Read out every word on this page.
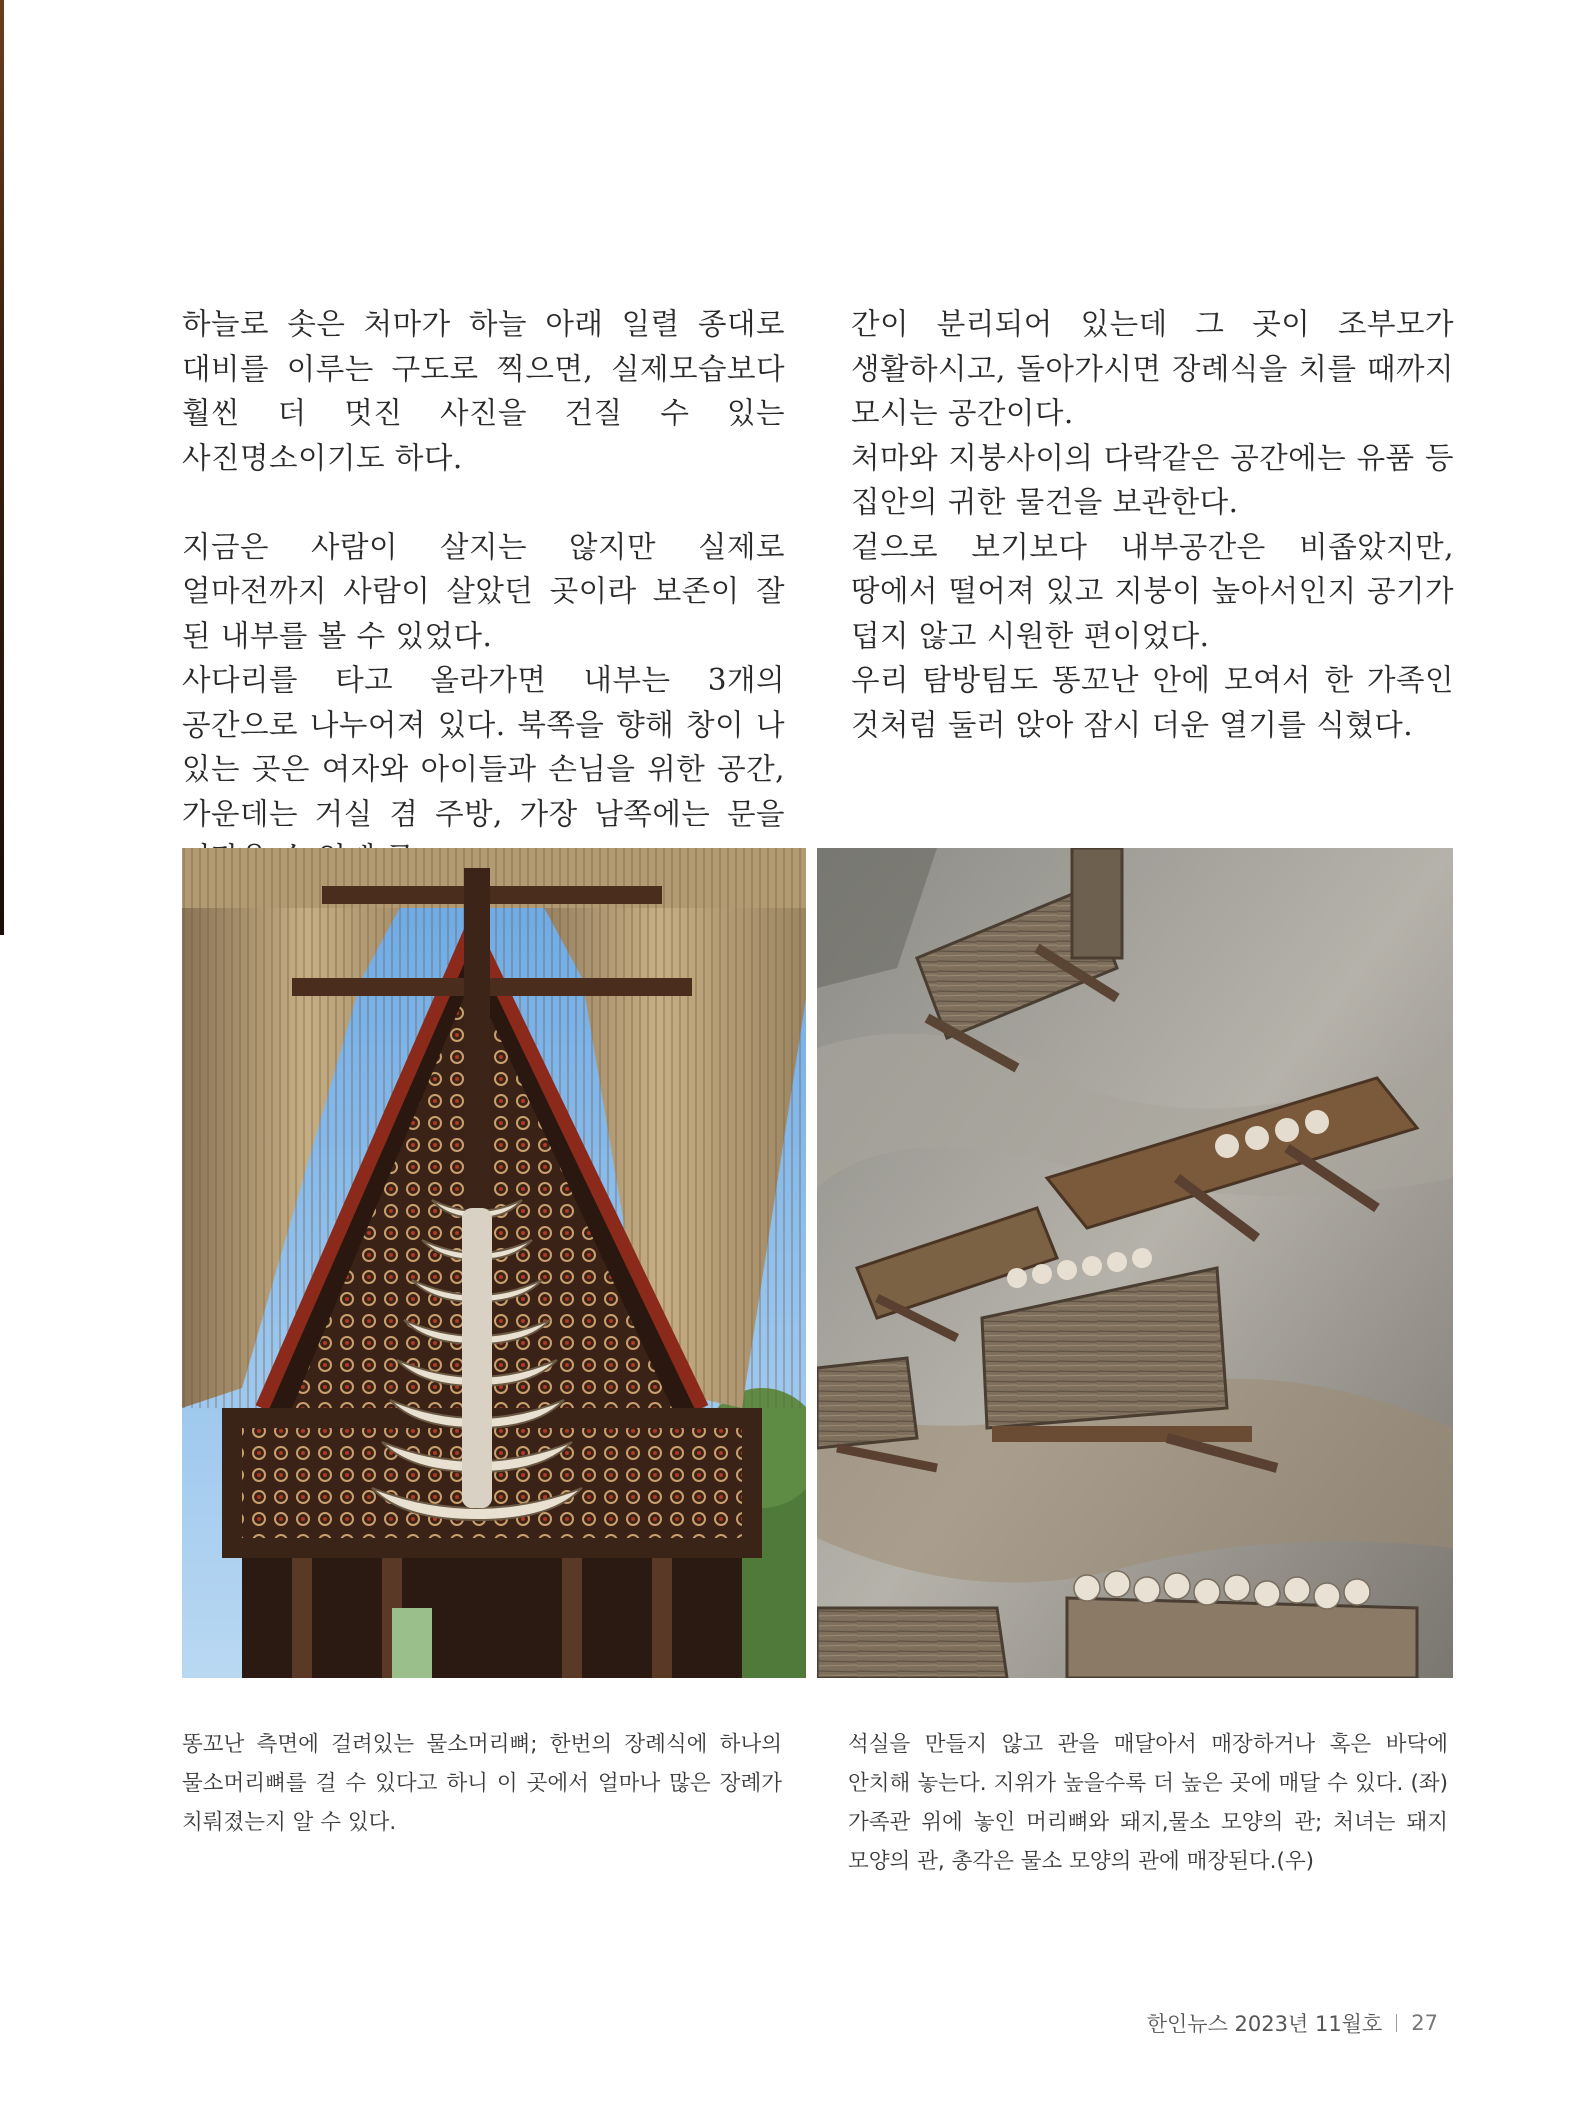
하늘로 솟은 처마가 하늘 아래 일렬 종대로 대비를 이루는 구도로 찍으면, 실제모습보다 훨씬 더 멋진 사진을 건질 수 있는 사진명소이기도 하다.

지금은 사람이 살지는 않지만 실제로 얼마전까지 사람이 살았던 곳이라 보존이 잘 된 내부를 볼 수 있었다.

사다리를 타고 올라가면 내부는 3개의 공간으로 나누어져 있다. 북쪽을 향해 창이 나 있는 곳은 여자와 아이들과 손님을 위한 공간, 가운데는 거실 겸 주방, 가장 남쪽에는 문을

간이 분리되어 있는데 그 곳이 조부모가 생활하시고, 돌아가시면 장례식을 치를 때까지 모시는 공간이다.

처마와 지붕사이의 다락같은 공간에는 유품 등 집안의 귀한 물건을 보관한다.

겉으로 보기보다 내부공간은 비좁았지만, 땅에서 떨어져 있고 지붕이 높아서인지 공기가 덥지 않고 시원한 편이었다.

우리 탐방팀도 똥꼬난 안에 모여서 한 가족인 것처럼 둘러 앉아 잠시 더운 열기를 식혔다.

똥꼬난 측면에 걸려있는 물소머리뼈; 한번의 장례식에 하나의 물소머리뼈를 걸 수 있다고 하니 이 곳에서 얼마나 많은 장례가 치뤄졌는지 알 수 있다.

석실을 만들지 않고 관을 매달아서 매장하거나 혹은 바닥에 안치해 놓는다. 지위가 높을수록 더 높은 곳에 매달 수 있다. (좌) 가족관 위에 놓인 머리뼈와 돼지,물소 모양의 관; 처녀는 돼지 모양의 관, 총각은 물소 모양의 관에 매장된다.(우)

한인뉴스 2023년 11월호 27
